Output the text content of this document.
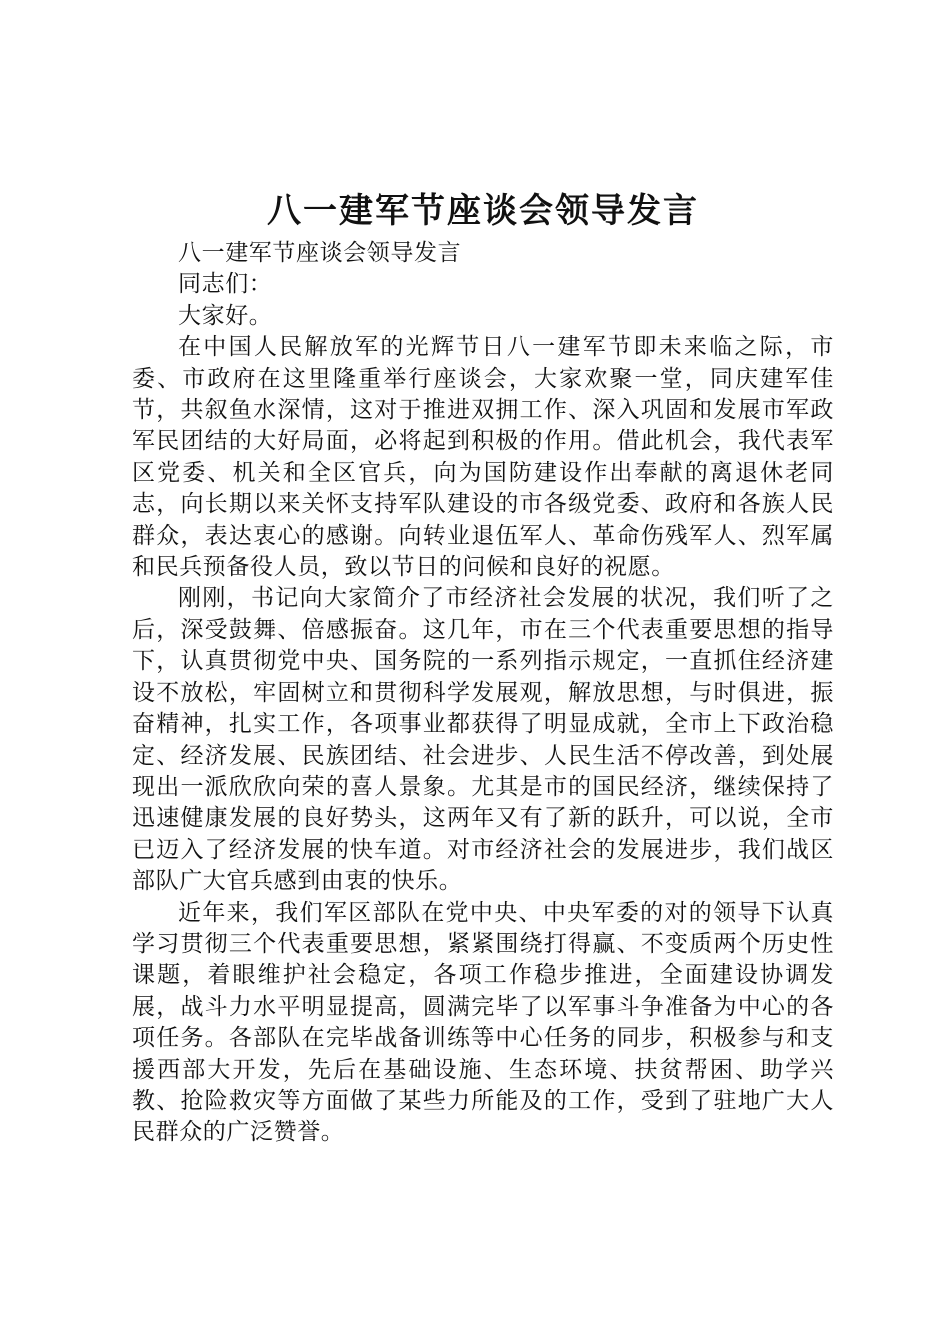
八一建军节座谈会领导发言

八一建军节座谈会领导发言

同志们：

大家好。

在中国人民解放军的光辉节日八一建军节即未来临之际，市委、市政府在这里隆重举行座谈会，大家欢聚一堂，同庆建军佳节，共叙鱼水深情，这对于推进双拥工作、深入巩固和发展市军政军民团结的大好局面，必将起到积极的作用。借此机会，我代表军区党委、机关和全区官兵，向为国防建设作出奉献的离退休老同志，向长期以来关怀支持军队建设的市各级党委、政府和各族人民群众，表达衷心的感谢。向转业退伍军人、革命伤残军人、烈军属和民兵预备役人员，致以节日的问候和良好的祝愿。

刚刚，书记向大家简介了市经济社会发展的状况，我们听了之后，深受鼓舞、倍感振奋。这几年，市在三个代表重要思想的指导下，认真贯彻党中央、国务院的一系列指示规定，一直抓住经济建设不放松，牢固树立和贯彻科学发展观，解放思想，与时俱进，振奋精神，扎实工作，各项事业都获得了明显成就，全市上下政治稳定、经济发展、民族团结、社会进步、人民生活不停改善，到处展现出一派欣欣向荣的喜人景象。尤其是市的国民经济，继续保持了迅速健康发展的良好势头，这两年又有了新的跃升，可以说，全市已迈入了经济发展的快车道。对市经济社会的发展进步，我们战区部队广大官兵感到由衷的快乐。

近年来，我们军区部队在党中央、中央军委的对的领导下认真学习贯彻三个代表重要思想，紧紧围绕打得赢、不变质两个历史性课题，着眼维护社会稳定，各项工作稳步推进，全面建设协调发展，战斗力水平明显提高，圆满完毕了以军事斗争准备为中心的各项任务。各部队在完毕战备训练等中心任务的同步，积极参与和支援西部大开发，先后在基础设施、生态环境、扶贫帮困、助学兴教、抢险救灾等方面做了某些力所能及的工作，受到了驻地广大人民群众的广泛赞誉。
